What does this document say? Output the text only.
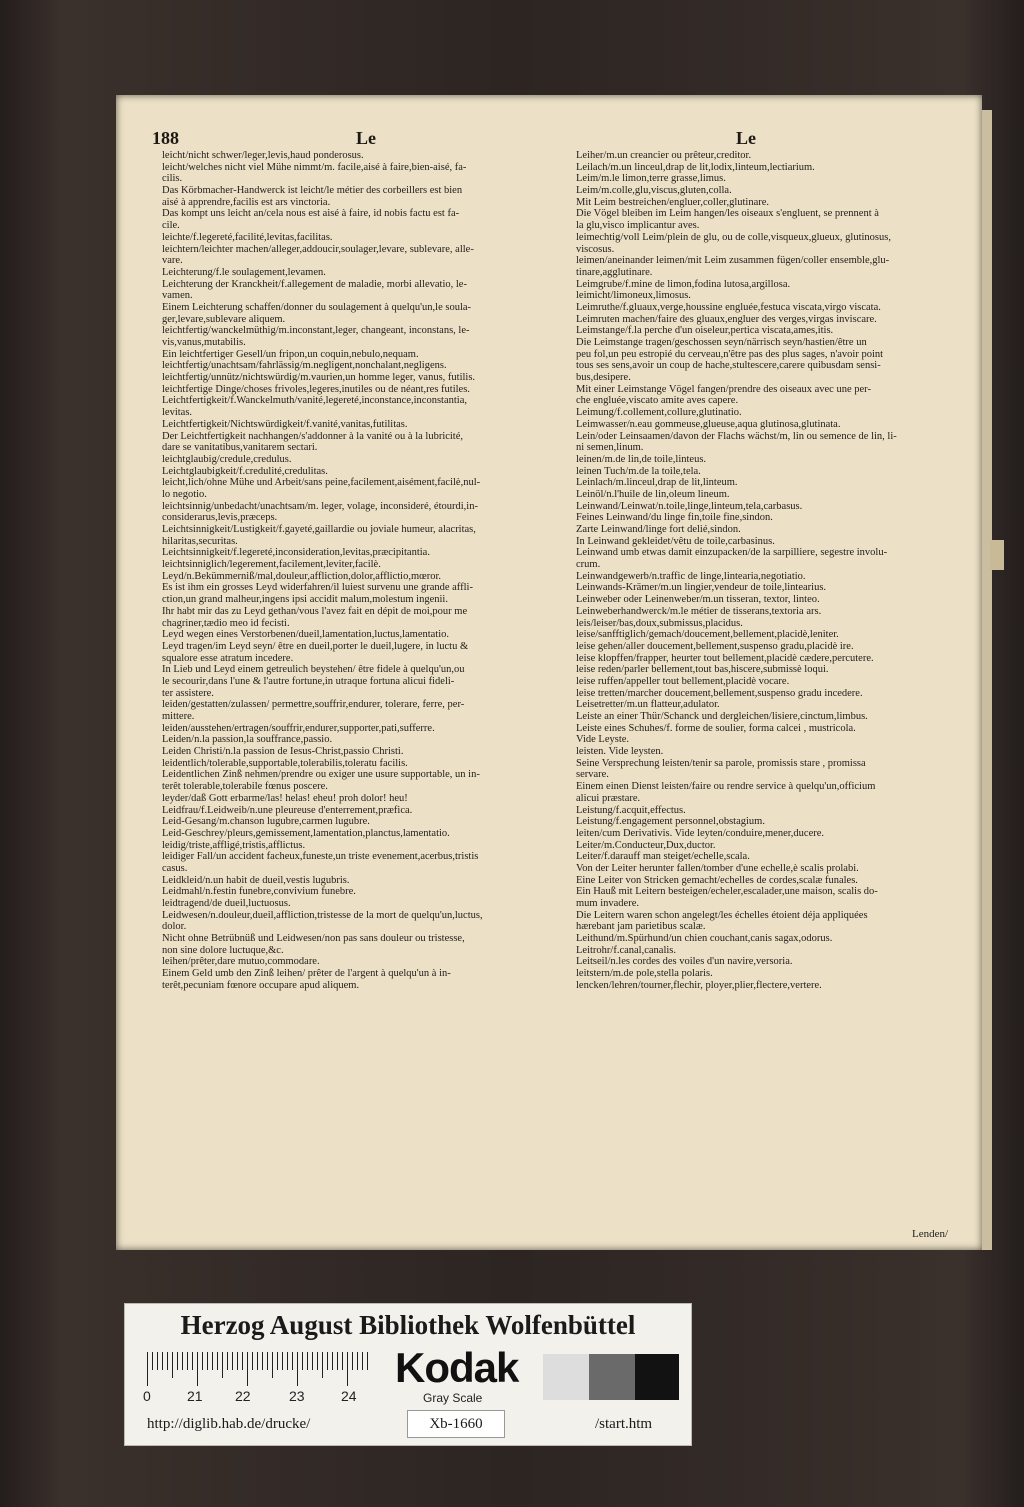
188	Le	Le
leicht/nicht schwer/leger,levis,haud ponderosus.
leicht/welches nicht viel Mühe nimmt/m. facile,aisé à faire,bien-aisé, fa-
cilis.
Das Körbmacher-Handwerck ist leicht/le métier des corbeillers est bien
aisé à apprendre,facilis est ars vinctoria.
Das kompt uns leicht an/cela nous est aisé à faire, id nobis factu est fa-
cile.
leichte/f.legereté,facilité,levitas,facilitas.
leichtern/leichter machen/alleger,addoucir,soulager,levare, sublevare, alle-
vare.
Leichterung/f.le soulagement,levamen.
Leichterung der Kranckheit/f.allegement de maladie, morbi allevatio, le-
vamen.
Einem Leichterung schaffen/donner du soulagement à quelqu'un,le soula-
ger,levare,sublevare aliquem.
leichtfertig/wanckelmüthig/m.inconstant,leger, changeant, inconstans, le-
vis,vanus,mutabilis.
Ein leichtfertiger Gesell/un fripon,un coquin,nebulo,nequam.
leichtfertig/unachtsam/fahrlässig/m.negligent,nonchalant,negligens.
leichtfertig/unnütz/nichtswürdig/m.vaurien,un homme leger, vanus, futilis.
leichtfertige Dinge/choses frivoles,legeres,inutiles ou de néant,res futiles.
Leichtfertigkeit/f.Wanckelmuth/vanité,legereté,inconstance,inconstantia,
levitas.
Leichtfertigkeit/Nichtswürdigkeit/f.vanité,vanitas,futilitas.
Der Leichtfertigkeit nachhangen/s'addonner à la vanité ou à la lubricité,
dare se vanitatibus,vanitarem sectari.
leichtglaubig/credule,credulus.
Leichtglaubigkeit/f.credulité,credulitas.
leicht,lich/ohne Mühe und Arbeit/sans peine,facilement,aisément,facilè,nul-
lo negotio.
leichtsinnig/unbedacht/unachtsam/m. leger, volage, inconsideré, étourdi,in-
considerarus,levis,præceps.
Leichtsinnigkeit/Lustigkeit/f.gayeté,gaillardie ou joviale humeur, alacritas,
hilaritas,securitas.
Leichtsinnigkeit/f.legereté,inconsideration,levitas,præcipitantia.
leichtsinniglich/legerement,facilement,leviter,facilè.
Leyd/n.Bekümmerniß/mal,douleur,affliction,dolor,afflictio,mœror.
Es ist ihm ein grosses Leyd widerfahren/il luiest survenu une grande affli-
ction,un grand malheur,ingens ipsi accidit malum,molestum ingenii.
Ihr habt mir das zu Leyd gethan/vous l'avez fait en dépit de moi,pour me
chagriner,tædio meo id fecisti.
Leyd wegen eines Verstorbenen/dueil,lamentation,luctus,lamentatio.
Leyd tragen/im Leyd seyn/ être en dueil,porter le dueil,lugere, in luctu &
squalore esse atratum incedere.
In Lieb und Leyd einem getreulich beystehen/ être fidele à quelqu'un,ou
le secourir,dans l'une & l'autre fortune,in utraque fortuna alicui fideli-
ter assistere.
leiden/gestatten/zulassen/ permettre,souffrir,endurer, tolerare, ferre, per-
mittere.
leiden/ausstehen/ertragen/souffrir,endurer,supporter,pati,sufferre.
Leiden/n.la passion,la souffrance,passio.
Leiden Christi/n.la passion de Iesus-Christ,passio Christi.
leidentlich/tolerable,supportable,tolerabilis,toleratu facilis.
Leidentlichen Zinß nehmen/prendre ou exiger une usure supportable, un in-
terêt tolerable,tolerabile fœnus poscere.
leyder/daß Gott erbarme/las! helas! eheu! proh dolor! heu!
Leidfrau/f.Leidweib/n.une pleureuse d'enterrement,præfica.
Leid-Gesang/m.chanson lugubre,carmen lugubre.
Leid-Geschrey/pleurs,gemissement,lamentation,planctus,lamentatio.
leidig/triste,affligé,tristis,afflictus.
leidiger Fall/un accident facheux,funeste,un triste evenement,acerbus,tristis
casus.
Leidkleid/n.un habit de dueil,vestis lugubris.
Leidmahl/n.festin funebre,convivium funebre.
leidtragend/de dueil,luctuosus.
Leidwesen/n.douleur,dueil,affliction,tristesse de la mort de quelqu'un,luctus,
dolor.
Nicht ohne Betrübnüß und Leidwesen/non pas sans douleur ou tristesse,
non sine dolore luctuque,&c.
leihen/prêter,dare mutuo,commodare.
Einem Geld umb den Zinß leihen/ prêter de l'argent à quelqu'un à in-
terêt,pecuniam fœnore occupare apud aliquem.
Leiher/m.un creancier ou prêteur,creditor.
Leilach/m.un linceul,drap de lit,lodix,linteum,lectiarium.
Leim/m.le limon,terre grasse,limus.
Leim/m.colle,glu,viscus,gluten,colla.
Mit Leim bestreichen/engluer,coller,glutinare.
Die Vögel bleiben im Leim hangen/les oiseaux s'engluent, se prennent à
la glu,visco implicantur aves.
leimechtig/voll Leim/plein de glu, ou de colle,visqueux,glueux, glutinosus,
viscosus.
leimen/aneinander leimen/mit Leim zusammen fügen/coller ensemble,glu-
tinare,agglutinare.
Leimgrube/f.mine de limon,fodina lutosa,argillosa.
leimicht/limoneux,limosus.
Leimruthe/f.gluaux,verge,houssine engluée,festuca viscata,virgo viscata.
Leimruten machen/faire des gluaux,engluer des verges,virgas inviscare.
Leimstange/f.la perche d'un oiseleur,pertica viscata,ames,itis.
Die Leimstange tragen/geschossen seyn/närrisch seyn/hastien/être un
peu fol,un peu estropié du cerveau,n'être pas des plus sages, n'avoir point
tous ses sens,avoir un coup de hache,stultescere,carere quibusdam sensi-
bus,desipere.
Mit einer Leimstange Vögel fangen/prendre des oiseaux avec une per-
che engluée,viscato amite aves capere.
Leimung/f.collement,collure,glutinatio.
Leimwasser/n.eau gommeuse,glueuse,aqua glutinosa,glutinata.
Lein/oder Leinsaamen/davon der Flachs wächst/m, lin ou semence de lin, li-
ni semen,linum.
leinen/m.de lin,de toile,linteus.
leinen Tuch/m.de la toile,tela.
Leinlach/m.linceul,drap de lit,linteum.
Leinöl/n.l'huile de lin,oleum lineum.
Leinwand/Leinwat/n.toile,linge,linteum,tela,carbasus.
Feines Leinwand/du linge fin,toile fine,sindon.
Zarte Leinwand/linge fort delié,sindon.
In Leinwand gekleidet/vêtu de toile,carbasinus.
Leinwand umb etwas damit einzupacken/de la sarpilliere, segestre involu-
crum.
Leinwandgewerb/n.traffic de linge,lintearia,negotiatio.
Leinwands-Krämer/m.un lingier,vendeur de toile,lintearius.
Leinweber oder Leinenweber/m.un tisseran, textor, linteo.
Leinweberhandwerck/m.le métier de tisserans,textoria ars.
leis/leiser/bas,doux,submissus,placidus.
leise/sanfftiglich/gemach/doucement,bellement,placidè,leniter.
leise gehen/aller doucement,bellement,suspenso gradu,placidè ire.
leise klopffen/frapper, heurter tout bellement,placidè cædere,percutere.
leise reden/parler bellement,tout bas,hiscere,submissè loqui.
leise ruffen/appeller tout bellement,placidè vocare.
leise tretten/marcher doucement,bellement,suspenso gradu incedere.
Leisetretter/m.un flatteur,adulator.
Leiste an einer Thür/Schanck und dergleichen/lisiere,cinctum,limbus.
Leiste eines Schuhes/f. forme de soulier, forma calcei , mustricola.
Vide Leyste.
leisten. Vide leysten.
Seine Versprechung leisten/tenir sa parole, promissis stare , promissa
servare.
Einem einen Dienst leisten/faire ou rendre service à quelqu'un,officium
alicui præstare.
Leistung/f.acquit,effectus.
Leistung/f.engagement personnel,obstagium.
leiten/cum Derivativis. Vide leyten/conduire,mener,ducere.
Leiter/m.Conducteur,Dux,ductor.
Leiter/f.darauff man steiget/echelle,scala.
Von der Leiter herunter fallen/tomber d'une echelle,è scalis prolabi.
Eine Leiter von Stricken gemacht/echelles de cordes,scalæ funales.
Ein Hauß mit Leitern besteigen/echeler,escalader,une maison, scalis do-
mum invadere.
Die Leitern waren schon angelegt/les échelles étoient déja appliquées
hærebant jam parietibus scalæ.
Leithund/m.Spürhund/un chien couchant,canis sagax,odorus.
Leitrohr/f.canal,canalis.
Leitseil/n.les cordes des voiles d'un navire,versoria.
leitstern/m.de pole,stella polaris.
lencken/lehren/tourner,flechir, ployer,plier,flectere,vertere.
Lenden/
Herzog August Bibliothek Wolfenbüttel
0	21 22	23	24
Kodak
Gray Scale
http://diglib.hab.de/drucke/	Xb-1660	/start.htm
